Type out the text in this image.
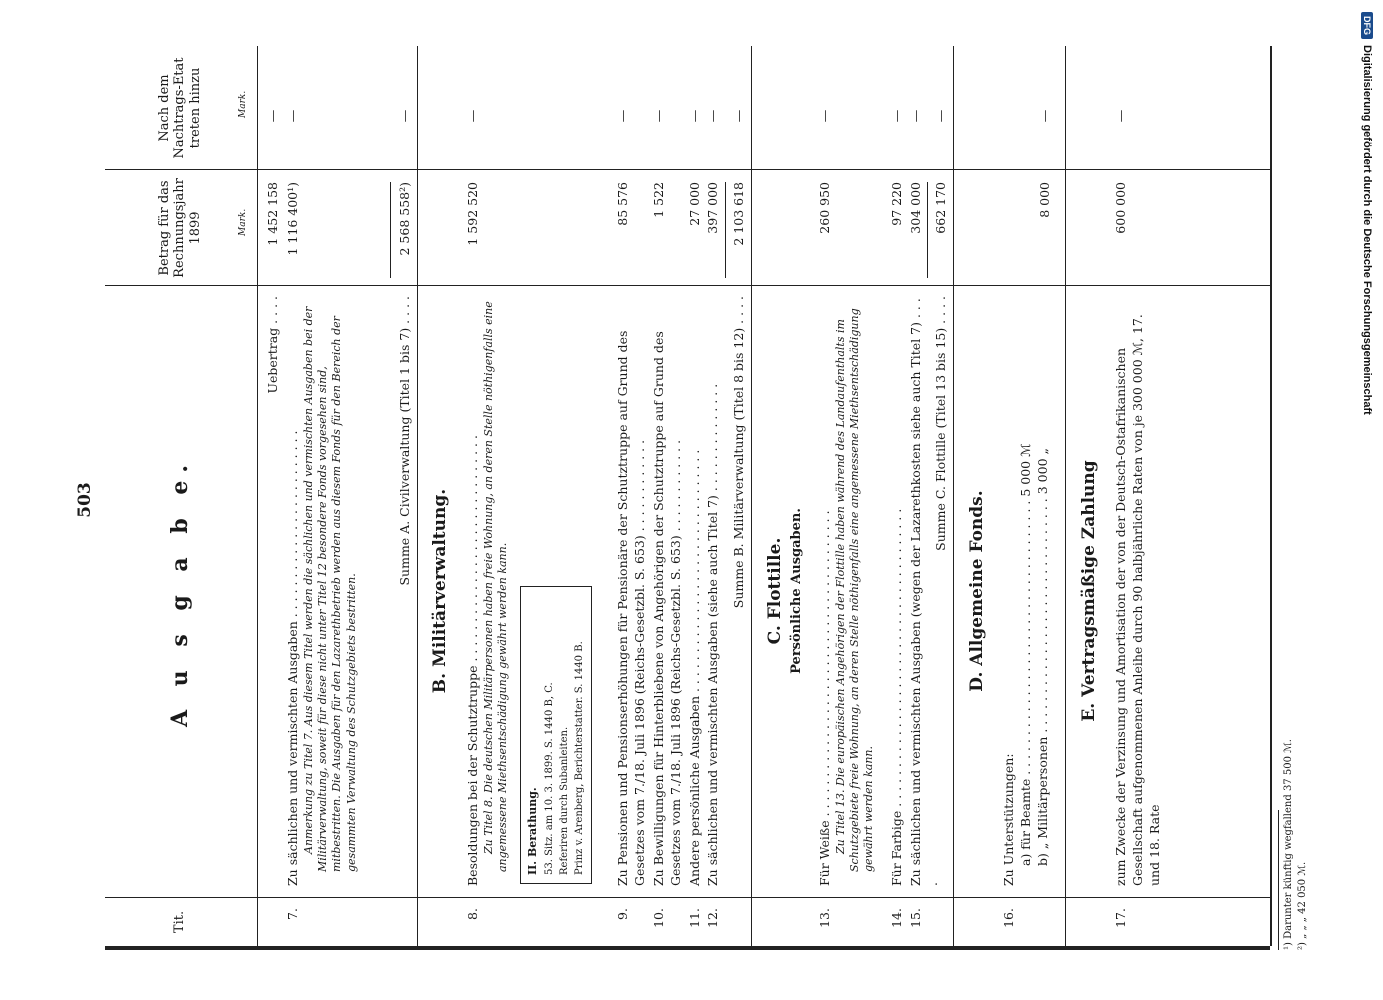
503
Tit.
A u s g a b e.
Betrag für das Rechnungsjahr 1899	Mark.
Nach dem Nachtrags-Etat treten hinzu	Mark.
Uebertrag . . . .
1 452 158
—
7.
Zu sächlichen und vermischten Ausgaben . . . . . . . . . . . . . . . . . . . . . . . . Anmerkung zu Titel 7. Aus diesem Titel werden die sächlichen und vermischten Ausgaben bei der Militärverwaltung, soweit für diese nicht unter Titel 12 besondere Fonds vorgesehen sind, mitbestritten. Die Ausgaben für den Lazarethbetrieb werden aus diesem Fonds für den Bereich der gesammten Verwaltung des Schutzgebiets bestritten.
1 116 400¹)
—
Summe A. Civilverwaltung (Titel 1 bis 7) . . . .
2 568 558²)
—
B. Militärverwaltung.
8.
Besoldungen bei der Schutztruppe . . . . . . . . . . . . . . . . . . . . . . . . . . . . . Zu Titel 8. Die deutschen Militärpersonen haben freie Wohnung, an deren Stelle nöthigenfalls eine angemessene Miethsentschädigung gewährt werden kann.
1 592 520
—
II. Berathung. 53. Sitz. am 10. 3. 1899. S. 1440 B, C. Referiren durch Subanleiten. Prinz v. Arenberg, Berichterstatter. S. 1440 B.
9.
Zu Pensionen und Pensionserhöhungen für Pensionäre der Schutztruppe auf Grund des Gesetzes vom 7./18. Juli 1896 (Reichs-Gesetzbl. S. 653) . . . . . . . . . . . .
85 576
—
10.
Zu Bewilligungen für Hinterbliebene von Angehörigen der Schutztruppe auf Grund des Gesetzes vom 7./18. Juli 1896 (Reichs-Gesetzbl. S. 653) . . . . . . . . . . . .
1 522
—
11.
Andere persönliche Ausgaben . . . . . . . . . . . . . . . . . . . . . . . . . . . . . . .
27 000
—
12.
Zu sächlichen und vermischten Ausgaben (siehe auch Titel 7) . . . . . . . . . . . . . .
397 000
—
Summe B. Militärverwaltung (Titel 8 bis 12) . . . .
2 103 618
—
C. Flottille. Persönliche Ausgaben.
13.
Für Weiße . . . . . . . . . . . . . . . . . . . . . . . . . . . . . . . . . . . . . . . Zu Titel 13. Die europäischen Angehörigen der Flottille haben während des Landaufenthalts im Schutzgebiete freie Wohnung, an deren Stelle nöthigenfalls eine angemessene Miethsentschädigung gewährt werden kann.
260 950
—
14.
Für Farbige . . . . . . . . . . . . . . . . . . . . . . . . . . . . . . . . . . . . . .
97 220
—
15.
Zu sächlichen und vermischten Ausgaben (wegen der Lazarethkosten siehe auch Titel 7) . . . .
304 000
—
Summe C. Flottille (Titel 13 bis 15) . . . .
662 170
—
D. Allgemeine Fonds.
16.
Zu Unterstützungen: a) für Beamte . . . . . . . . . . . . . . . . . . . . . . . . . . . . . . . . . . . 5 000 ℳ b) „ Militärpersonen . . . . . . . . . . . . . . . . . . . . . . . . . . . . . . 3 000 „
8 000
—
E. Vertragsmäßige Zahlung
17.
zum Zwecke der Verzinsung und Amortisation der von der Deutsch-Ostafrikanischen Gesellschaft aufgenommenen Anleihe durch 90 halbjährliche Raten von je 300 000 ℳ, 17. und 18. Rate
600 000
—
¹) Darunter künftig wegfallend 37 500 ℳ. ²) „ „ „ 42 050 ℳ.
DFG
Digitalisierung gefördert durch die Deutsche Forschungsgemeinschaft
